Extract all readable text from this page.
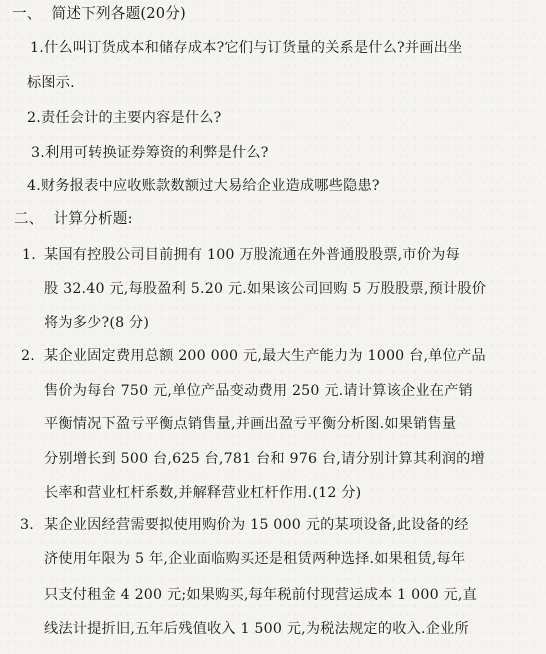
一、 简述下列各题(20分)
1.什么叫订货成本和储存成本?它们与订货量的关系是什么?并画出坐
标图示.
2.责任会计的主要内容是什么?
3.利用可转换证券筹资的利弊是什么?
4.财务报表中应收账款数额过大易给企业造成哪些隐患?
二、 计算分析题:
1. 某国有控股公司目前拥有 100 万股流通在外普通股股票,市价为每
股 32.40 元,每股盈利 5.20 元.如果该公司回购 5 万股股票,预计股价
将为多少?(8 分)
2. 某企业固定费用总额 200 000 元,最大生产能力为 1000 台,单位产品
售价为每台 750 元,单位产品变动费用 250 元.请计算该企业在产销
平衡情况下盈亏平衡点销售量,并画出盈亏平衡分析图.如果销售量
分别增长到 500 台,625 台,781 台和 976 台,请分别计算其利润的增
长率和营业杠杆系数,并解释营业杠杆作用.(12 分)
3. 某企业因经营需要拟使用购价为 15 000 元的某项设备,此设备的经
济使用年限为 5 年,企业面临购买还是租赁两种选择.如果租赁,每年
只支付租金 4 200 元;如果购买,每年税前付现营运成本 1 000 元,直
线法计提折旧,五年后残值收入 1 500 元,为税法规定的收入.企业所
